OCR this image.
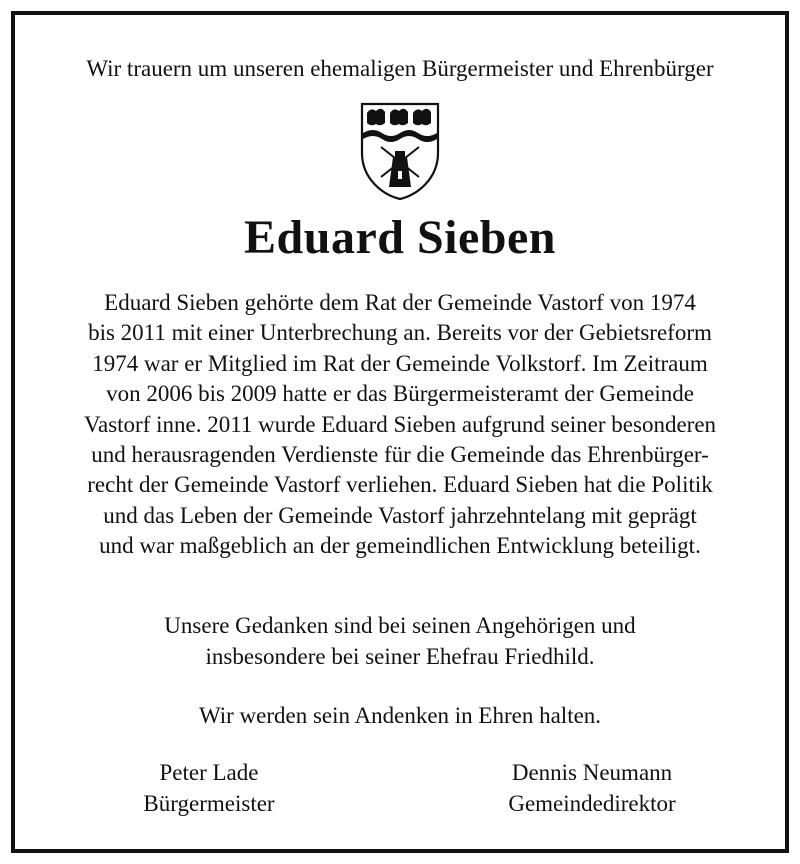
Wir trauern um unseren ehemaligen Bürgermeister und Ehrenbürger
Eduard Sieben
Eduard Sieben gehörte dem Rat der Gemeinde Vastorf von 1974
bis 2011 mit einer Unterbrechung an. Bereits vor der Gebietsreform
1974 war er Mitglied im Rat der Gemeinde Volkstorf. Im Zeitraum
von 2006 bis 2009 hatte er das Bürgermeisteramt der Gemeinde
Vastorf inne. 2011 wurde Eduard Sieben aufgrund seiner besonderen
und herausragenden Verdienste für die Gemeinde das Ehrenbürger-
recht der Gemeinde Vastorf verliehen. Eduard Sieben hat die Politik
und das Leben der Gemeinde Vastorf jahrzehntelang mit geprägt
und war maßgeblich an der gemeindlichen Entwicklung beteiligt.
Unsere Gedanken sind bei seinen Angehörigen und
insbesondere bei seiner Ehefrau Friedhild.
Wir werden sein Andenken in Ehren halten.
Peter Lade
Bürgermeister
Dennis Neumann
Gemeindedirektor
